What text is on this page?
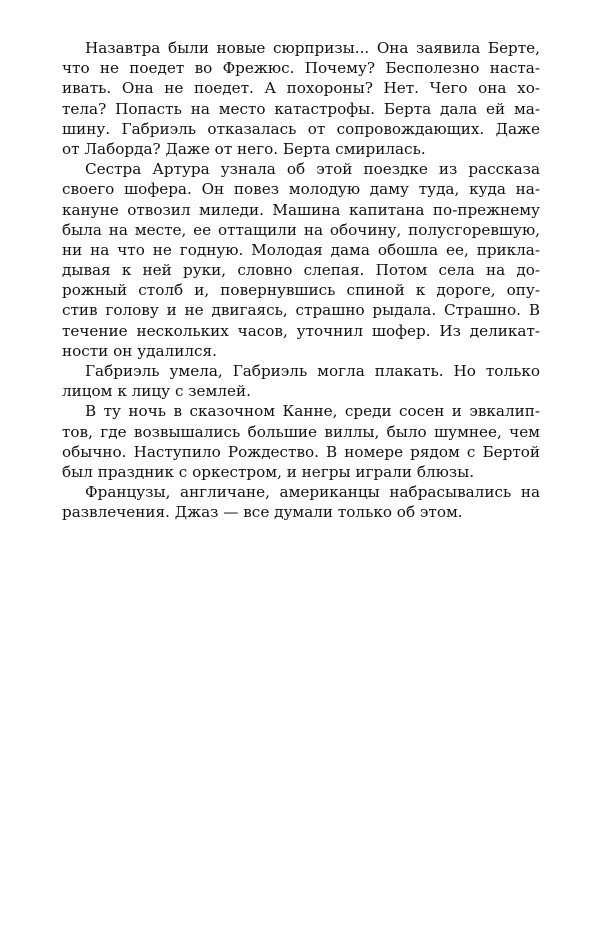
Назавтра были новые сюрпризы... Она заявила Берте,
что не поедет во Фрежюс. Почему? Бесполезно наста-
ивать. Она не поедет. А похороны? Нет. Чего она хо-
тела? Попасть на место катастрофы. Берта дала ей ма-
шину. Габриэль отказалась от сопровождающих. Даже
от Лаборда? Даже от него. Берта смирилась.
Сестра Артура узнала об этой поездке из рассказа
своего шофера. Он повез молодую даму туда, куда на-
кануне отвозил миледи. Машина капитана по-прежнему
была на месте, ее оттащили на обочину, полусгоревшую,
ни на что не годную. Молодая дама обошла ее, прикла-
дывая к ней руки, словно слепая. Потом села на до-
рожный столб и, повернувшись спиной к дороге, опу-
стив голову и не двигаясь, страшно рыдала. Страшно. В
течение нескольких часов, уточнил шофер. Из деликат-
ности он удалился.
Габриэль умела, Габриэль могла плакать. Но только
лицом к лицу с землей.
В ту ночь в сказочном Канне, среди сосен и эвкалип-
тов, где возвышались большие виллы, было шумнее, чем
обычно. Наступило Рождество. В номере рядом с Бертой
был праздник с оркестром, и негры играли блюзы.
Французы, англичане, американцы набрасывались на
развлечения. Джаз — все думали только об этом.
